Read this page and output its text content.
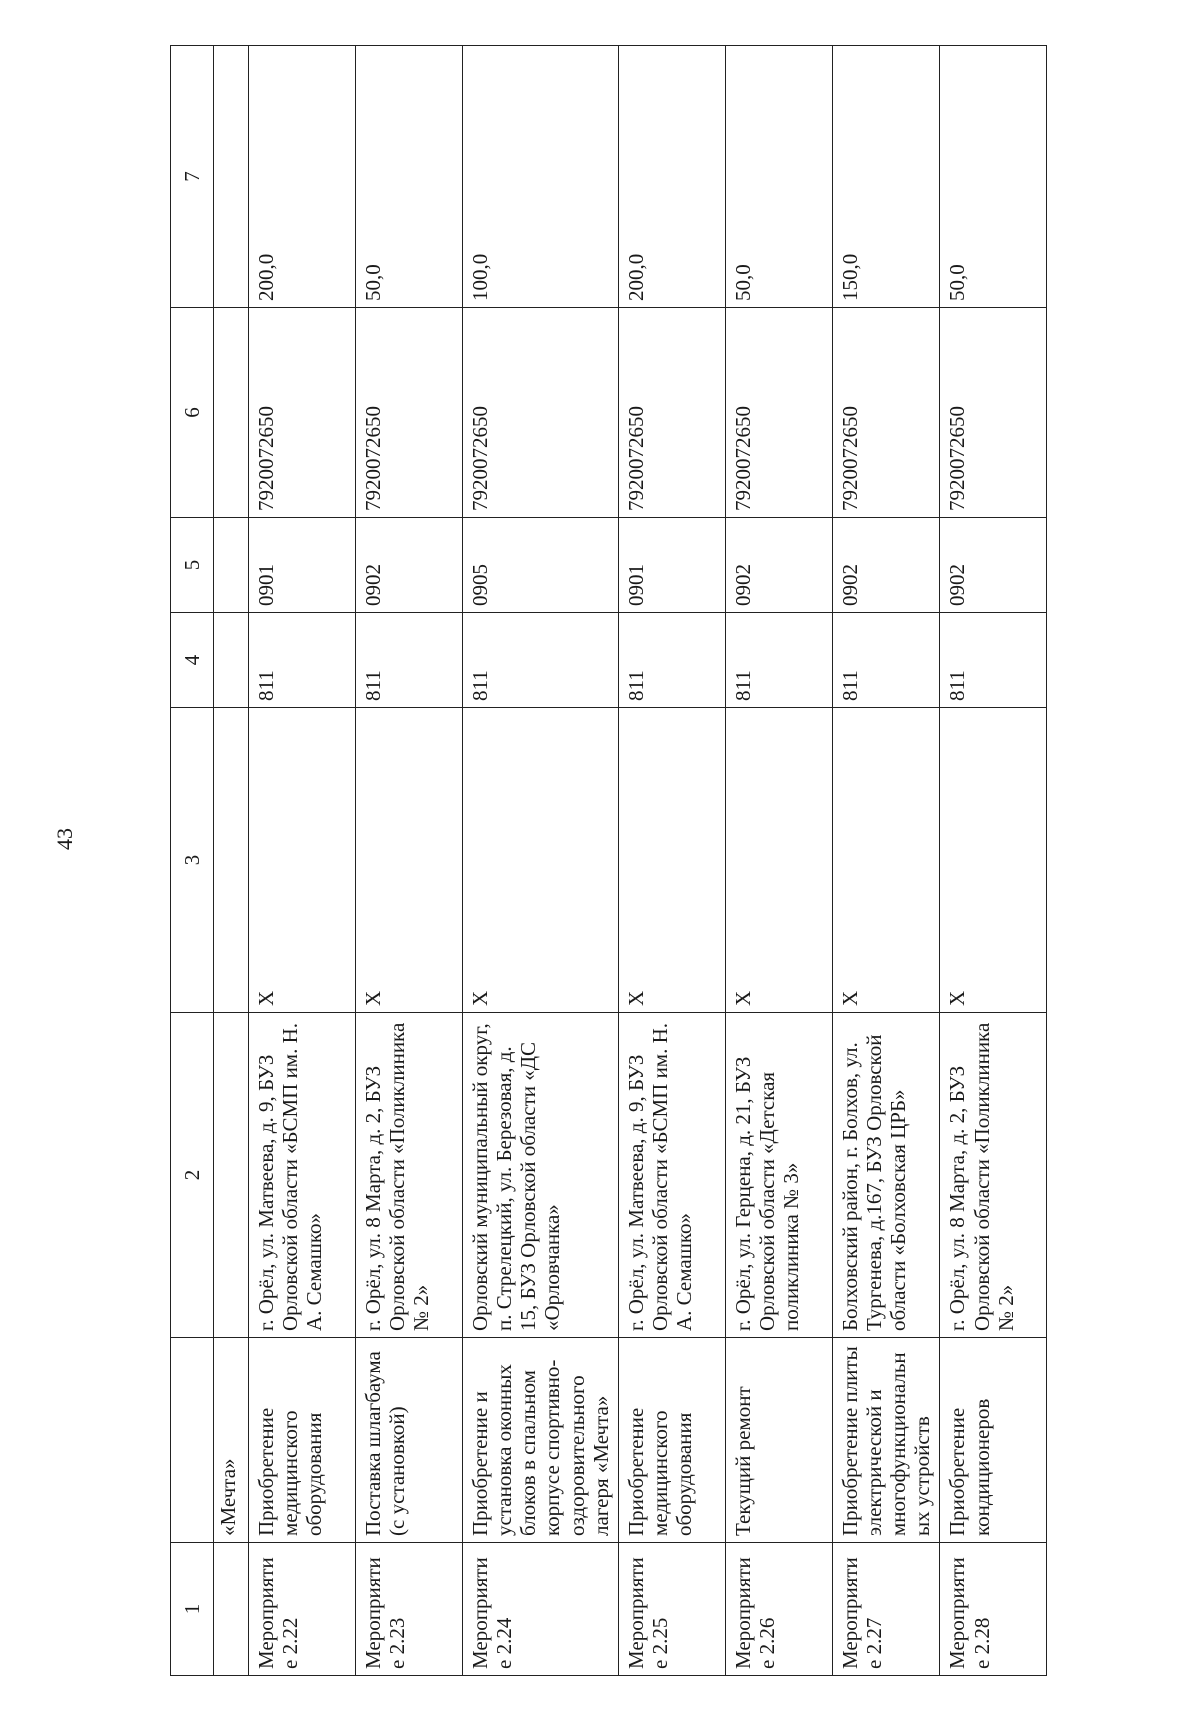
43
1		2	3	4	5	6	7
	«Мечта»						
Мероприятие 2.22	Приобретение медицинского оборудования	г. Орёл, ул. Матвеева, д. 9, БУЗ Орловской области «БСМП им. Н. А. Семашко»	X	811	0901	7920072650	200,0
Мероприятие 2.23	Поставка шлагбаума (с установкой)	г. Орёл, ул. 8 Марта, д. 2, БУЗ Орловской области «Поликлиника № 2»	X	811	0902	7920072650	50,0
Мероприятие 2.24	Приобретение и установка оконных блоков в спальном корпусе спортивно-оздоровительного лагеря «Мечта»	Орловский муниципальный округ, п. Стрелецкий, ул. Березовая, д. 15, БУЗ Орловской области «ДС «Орловчанка»	X	811	0905	7920072650	100,0
Мероприятие 2.25	Приобретение медицинского оборудования	г. Орёл, ул. Матвеева, д. 9, БУЗ Орловской области «БСМП им. Н. А. Семашко»	X	811	0901	7920072650	200,0
Мероприятие 2.26	Текущий ремонт	г. Орёл, ул. Герцена, д. 21, БУЗ Орловской области «Детская поликлиника № 3»	X	811	0902	7920072650	50,0
Мероприятие 2.27	Приобретение плиты электрической и многофункциональных устройств	Болховский район, г. Болхов, ул. Тургенева, д.167, БУЗ Орловской области «Болховская ЦРБ»	X	811	0902	7920072650	150,0
Мероприятие 2.28	Приобретение кондиционеров	г. Орёл, ул. 8 Марта, д. 2, БУЗ Орловской области «Поликлиника № 2»	X	811	0902	7920072650	50,0
